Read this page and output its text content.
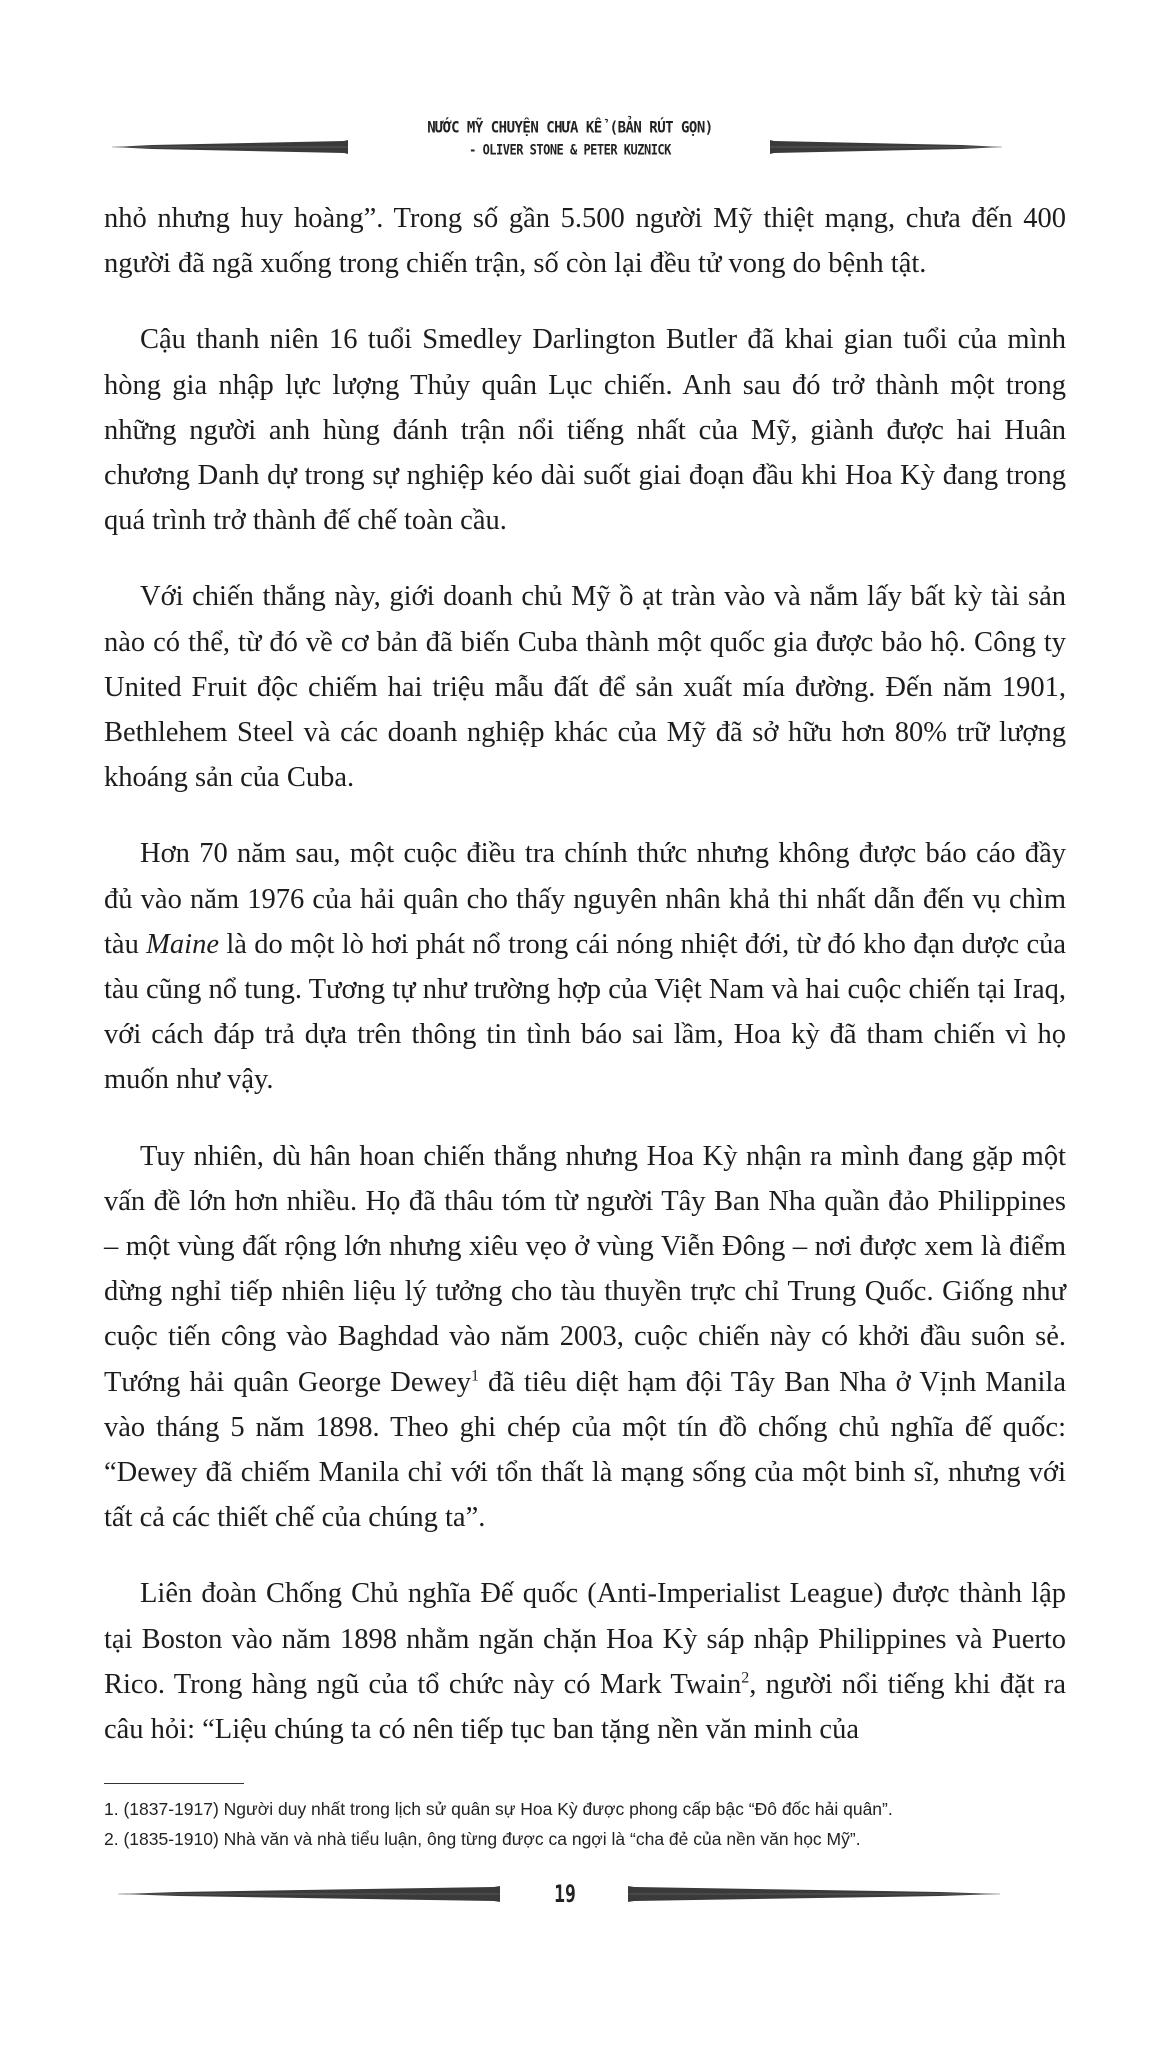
NƯỚC MỸ CHUYỆN CHƯA KỂ (BẢN RÚT GỌN)
- OLIVER STONE & PETER KUZNICK

nhỏ nhưng huy hoàng”. Trong số gần 5.500 người Mỹ thiệt mạng, chưa đến 400 người đã ngã xuống trong chiến trận, số còn lại đều tử vong do bệnh tật.

Cậu thanh niên 16 tuổi Smedley Darlington Butler đã khai gian tuổi của mình hòng gia nhập lực lượng Thủy quân Lục chiến. Anh sau đó trở thành một trong những người anh hùng đánh trận nổi tiếng nhất của Mỹ, giành được hai Huân chương Danh dự trong sự nghiệp kéo dài suốt giai đoạn đầu khi Hoa Kỳ đang trong quá trình trở thành đế chế toàn cầu.

Với chiến thắng này, giới doanh chủ Mỹ ồ ạt tràn vào và nắm lấy bất kỳ tài sản nào có thể, từ đó về cơ bản đã biến Cuba thành một quốc gia được bảo hộ. Công ty United Fruit độc chiếm hai triệu mẫu đất để sản xuất mía đường. Đến năm 1901, Bethlehem Steel và các doanh nghiệp khác của Mỹ đã sở hữu hơn 80% trữ lượng khoáng sản của Cuba.

Hơn 70 năm sau, một cuộc điều tra chính thức nhưng không được báo cáo đầy đủ vào năm 1976 của hải quân cho thấy nguyên nhân khả thi nhất dẫn đến vụ chìm tàu Maine là do một lò hơi phát nổ trong cái nóng nhiệt đới, từ đó kho đạn dược của tàu cũng nổ tung. Tương tự như trường hợp của Việt Nam và hai cuộc chiến tại Iraq, với cách đáp trả dựa trên thông tin tình báo sai lầm, Hoa kỳ đã tham chiến vì họ muốn như vậy.

Tuy nhiên, dù hân hoan chiến thắng nhưng Hoa Kỳ nhận ra mình đang gặp một vấn đề lớn hơn nhiều. Họ đã thâu tóm từ người Tây Ban Nha quần đảo Philippines – một vùng đất rộng lớn nhưng xiêu vẹo ở vùng Viễn Đông – nơi được xem là điểm dừng nghỉ tiếp nhiên liệu lý tưởng cho tàu thuyền trực chỉ Trung Quốc. Giống như cuộc tiến công vào Baghdad vào năm 2003, cuộc chiến này có khởi đầu suôn sẻ. Tướng hải quân George Dewey$^1$ đã tiêu diệt hạm đội Tây Ban Nha ở Vịnh Manila vào tháng 5 năm 1898. Theo ghi chép của một tín đồ chống chủ nghĩa đế quốc: “Dewey đã chiếm Manila chỉ với tổn thất là mạng sống của một binh sĩ, nhưng với tất cả các thiết chế của chúng ta”.

Liên đoàn Chống Chủ nghĩa Đế quốc (Anti-Imperialist League) được thành lập tại Boston vào năm 1898 nhằm ngăn chặn Hoa Kỳ sáp nhập Philippines và Puerto Rico. Trong hàng ngũ của tổ chức này có Mark Twain$^2$, người nổi tiếng khi đặt ra câu hỏi: “Liệu chúng ta có nên tiếp tục ban tặng nền văn minh của

1. (1837-1917) Người duy nhất trong lịch sử quân sự Hoa Kỳ được phong cấp bậc “Đô đốc hải quân”.

2. (1835-1910) Nhà văn và nhà tiểu luận, ông từng được ca ngợi là “cha đẻ của nền văn học Mỹ”.

19
